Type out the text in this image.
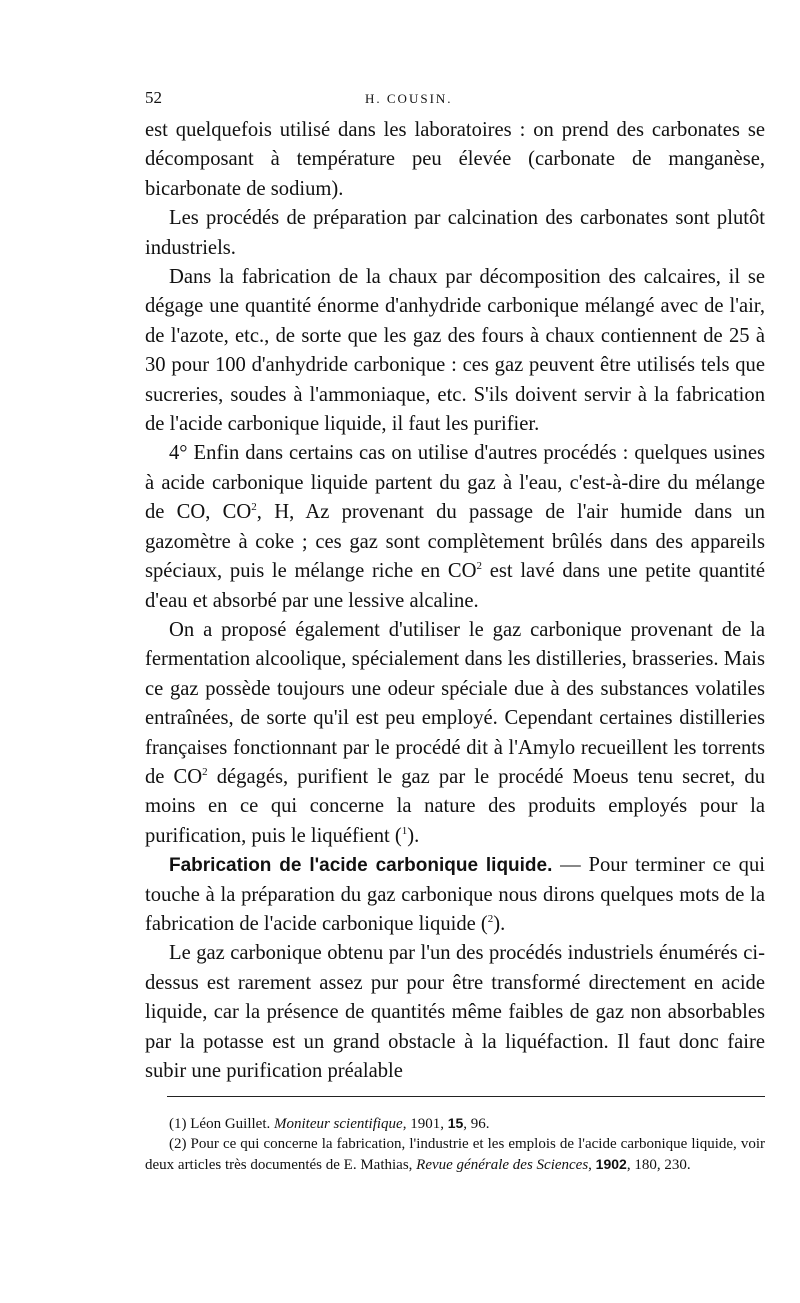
52	H. COUSIN.

est quelquefois utilisé dans les laboratoires : on prend des carbonates se décomposant à température peu élevée (carbonate de manganèse, bicarbonate de sodium).

Les procédés de préparation par calcination des carbonates sont plutôt industriels.

Dans la fabrication de la chaux par décomposition des calcaires, il se dégage une quantité énorme d'anhydride carbonique mélangé avec de l'air, de l'azote, etc., de sorte que les gaz des fours à chaux contiennent de 25 à 30 pour 100 d'anhydride carbonique : ces gaz peuvent être utilisés tels que sucreries, soudes à l'ammoniaque, etc. S'ils doivent servir à la fabrication de l'acide carbonique liquide, il faut les purifier.

4° Enfin dans certains cas on utilise d'autres procédés : quelques usines à acide carbonique liquide partent du gaz à l'eau, c'est-à-dire du mélange de CO, $CO^2$, H, Az provenant du passage de l'air humide dans un gazomètre à coke ; ces gaz sont complètement brûlés dans des appareils spéciaux, puis le mélange riche en $CO^2$ est lavé dans une petite quantité d'eau et absorbé par une lessive alcaline.

On a proposé également d'utiliser le gaz carbonique provenant de la fermentation alcoolique, spécialement dans les distilleries, brasseries. Mais ce gaz possède toujours une odeur spéciale due à des substances volatiles entraînées, de sorte qu'il est peu employé. Cependant certaines distilleries françaises fonctionnant par le procédé dit à l'Amylo recueillent les torrents de $CO^2$ dégagés, purifient le gaz par le procédé Moeus tenu secret, du moins en ce qui concerne la nature des produits employés pour la purification, puis le liquéfient ($^1$).

Fabrication de l'acide carbonique liquide. — Pour terminer ce qui touche à la préparation du gaz carbonique nous dirons quelques mots de la fabrication de l'acide carbonique liquide ($^2$).

Le gaz carbonique obtenu par l'un des procédés industriels énumérés ci-dessus est rarement assez pur pour être transformé directement en acide liquide, car la présence de quantités même faibles de gaz non absorbables par la potasse est un grand obstacle à la liquéfaction. Il faut donc faire subir une purification préalable

(1) Léon Guillet. Moniteur scientifique, 1901, 15, 96.

(2) Pour ce qui concerne la fabrication, l'industrie et les emplois de l'acide carbonique liquide, voir deux articles très documentés de E. Mathias, Revue générale des Sciences, 1902, 180, 230.
